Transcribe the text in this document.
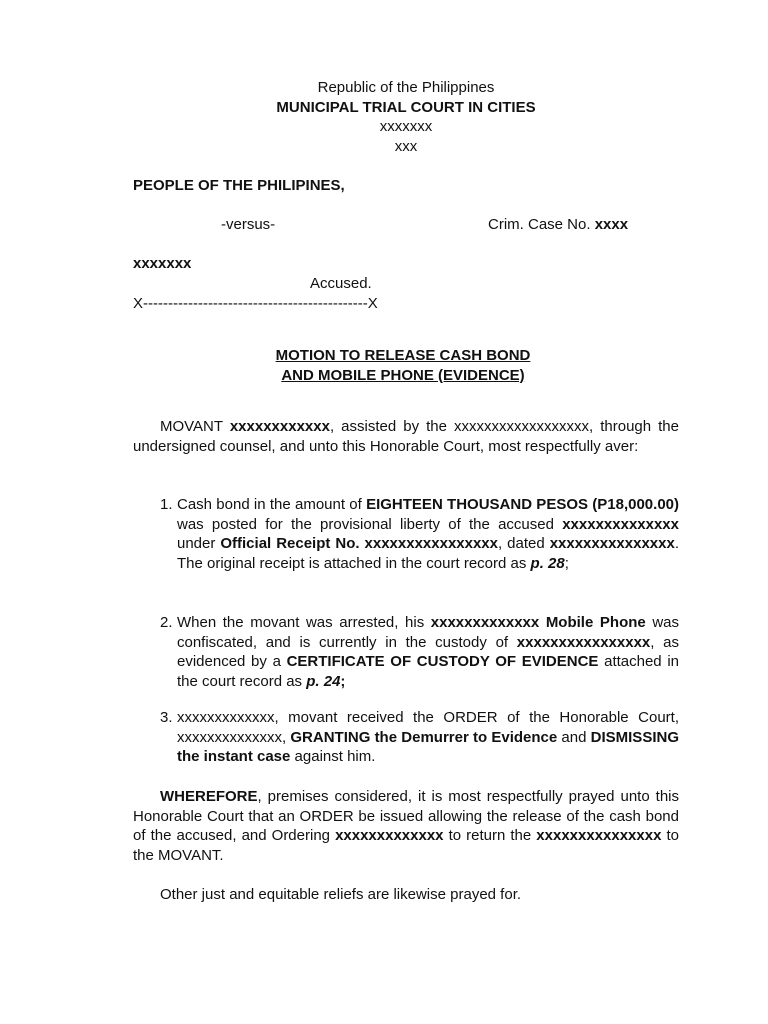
Republic of the Philippines
MUNICIPAL TRIAL COURT IN CITIES
xxxxxxx
xxx
PEOPLE OF THE PHILIPINES,
-versus-	Crim. Case No. xxxx
xxxxxxx
Accused.
X---------------------------------------------X
MOTION TO RELEASE CASH BOND
AND MOBILE PHONE (EVIDENCE)
MOVANT xxxxxxxxxxxx, assisted by the xxxxxxxxxxxxxxxxxx, through the undersigned counsel, and unto this Honorable Court, most respectfully aver:
1. Cash bond in the amount of EIGHTEEN THOUSAND PESOS (P18,000.00) was posted for the provisional liberty of the accused xxxxxxxxxxxxxx under Official Receipt No. xxxxxxxxxxxxxxxx, dated xxxxxxxxxxxxxxx. The original receipt is attached in the court record as p. 28;
2. When the movant was arrested, his xxxxxxxxxxxxx Mobile Phone was confiscated, and is currently in the custody of xxxxxxxxxxxxxxxx, as evidenced by a CERTIFICATE OF CUSTODY OF EVIDENCE attached in the court record as p. 24;
3. xxxxxxxxxxxxx, movant received the ORDER of the Honorable Court, xxxxxxxxxxxxxx, GRANTING the Demurrer to Evidence and DISMISSING the instant case against him.
WHEREFORE, premises considered, it is most respectfully prayed unto this Honorable Court that an ORDER be issued allowing the release of the cash bond of the accused, and Ordering xxxxxxxxxxxxx to return the xxxxxxxxxxxxxxx to the MOVANT.
Other just and equitable reliefs are likewise prayed for.
